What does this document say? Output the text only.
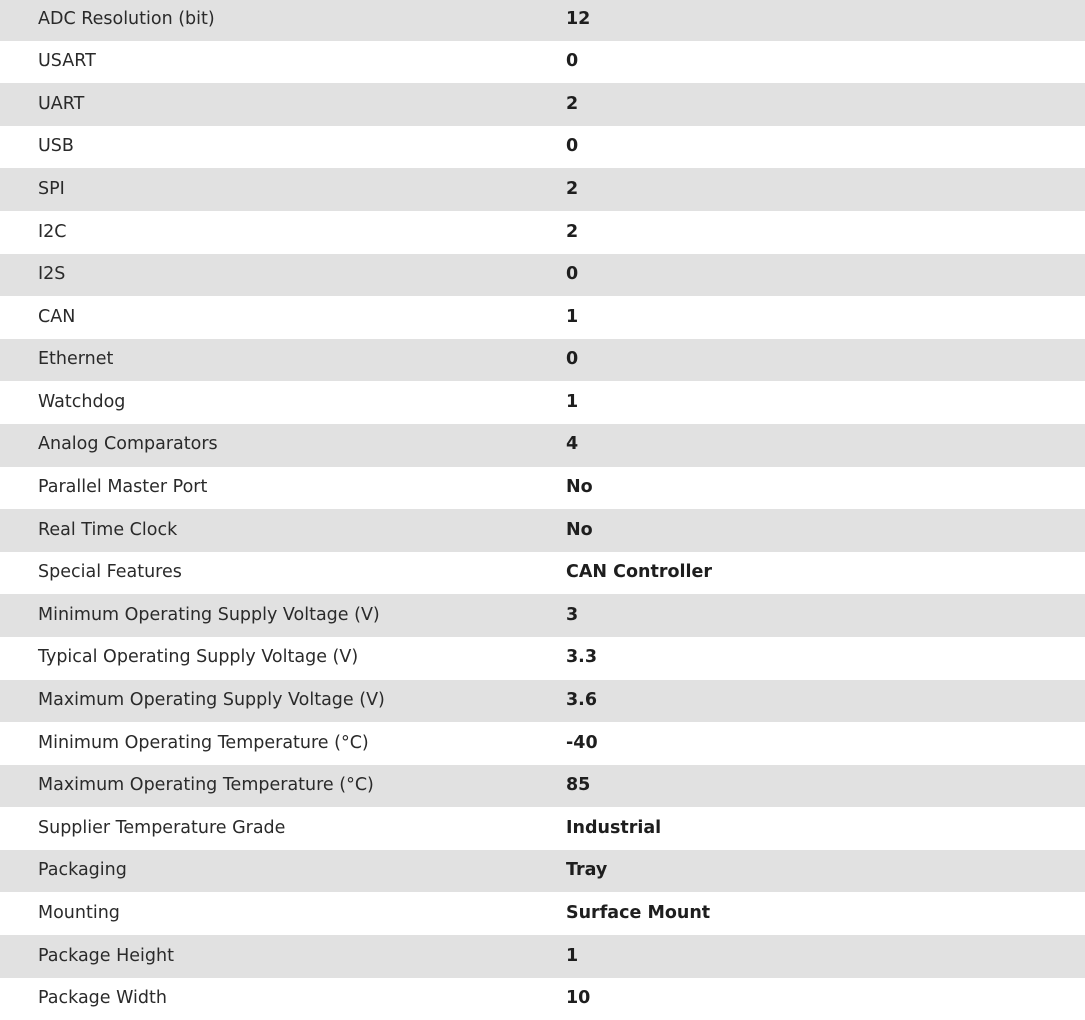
ADC Resolution (bit)	12
USART	0
UART	2
USB	0
SPI	2
I2C	2
I2S	0
CAN	1
Ethernet	0
Watchdog	1
Analog Comparators	4
Parallel Master Port	No
Real Time Clock	No
Special Features	CAN Controller
Minimum Operating Supply Voltage (V)	3
Typical Operating Supply Voltage (V)	3.3
Maximum Operating Supply Voltage (V)	3.6
Minimum Operating Temperature (°C)	-40
Maximum Operating Temperature (°C)	85
Supplier Temperature Grade	Industrial
Packaging	Tray
Mounting	Surface Mount
Package Height	1
Package Width	10
